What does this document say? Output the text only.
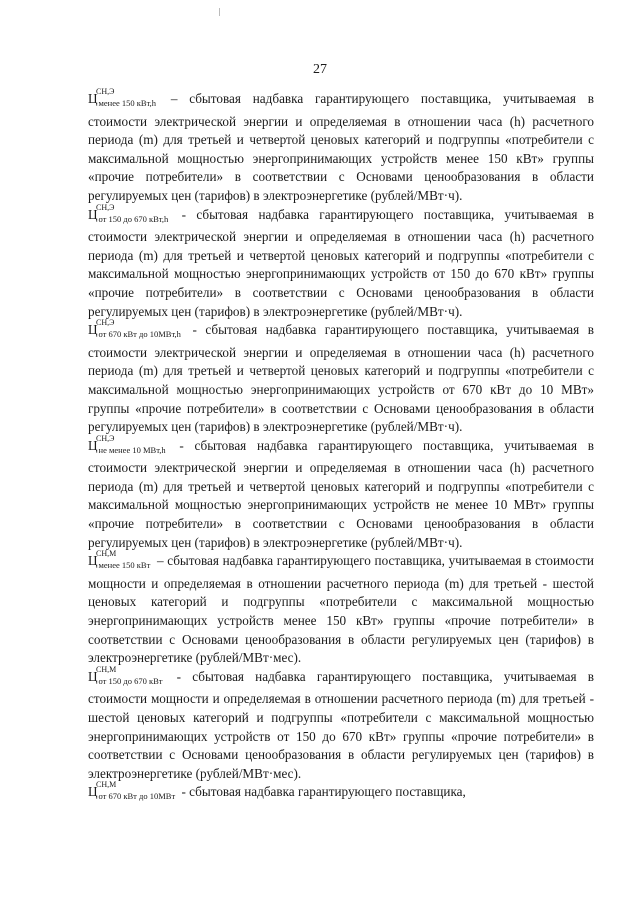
27

Ц
СН,Э
менее 150 кВт,h – сбытовая надбавка гарантирующего поставщика, учитываемая в стоимости электрической энергии и определяемая в отношении часа (h) расчетного периода (m) для третьей и четвертой ценовых категорий и подгруппы «потребители с максимальной мощностью энергопринимающих устройств менее 150 кВт» группы «прочие потребители» в соответствии с Основами ценообразования в области регулируемых цен (тарифов) в электроэнергетике (рублей/МВт·ч).

Ц
СН,Э
от 150 до 670 кВт,h - сбытовая надбавка гарантирующего поставщика, учитываемая в стоимости электрической энергии и определяемая в отношении часа (h) расчетного периода (m) для третьей и четвертой ценовых категорий и подгруппы «потребители с максимальной мощностью энергопринимающих устройств от 150 до 670 кВт» группы «прочие потребители» в соответствии с Основами ценообразования в области регулируемых цен (тарифов) в электроэнергетике (рублей/МВт·ч).

Ц
СН,Э
от 670 кВт до 10МВт,h - сбытовая надбавка гарантирующего поставщика, учитываемая в стоимости электрической энергии и определяемая в отношении часа (h) расчетного периода (m) для третьей и четвертой ценовых категорий и подгруппы «потребители с максимальной мощностью энергопринимающих устройств от 670 кВт до 10 МВт» группы «прочие потребители» в соответствии с Основами ценообразования в области регулируемых цен (тарифов) в электроэнергетике (рублей/МВт·ч).

Ц
СН,Э
не менее 10 МВт,h - сбытовая надбавка гарантирующего поставщика, учитываемая в стоимости электрической энергии и определяемая в отношении часа (h) расчетного периода (m) для третьей и четвертой ценовых категорий и подгруппы «потребители с максимальной мощностью энергопринимающих устройств не менее 10 МВт» группы «прочие потребители» в соответствии с Основами ценообразования в области регулируемых цен (тарифов) в электроэнергетике (рублей/МВт·ч).

Ц
СН,М
менее 150 кВт – сбытовая надбавка гарантирующего поставщика, учитываемая в стоимости мощности и определяемая в отношении расчетного периода (m) для третьей - шестой ценовых категорий и подгруппы «потребители с максимальной мощностью энергопринимающих устройств менее 150 кВт» группы «прочие потребители» в соответствии с Основами ценообразования в области регулируемых цен (тарифов) в электроэнергетике (рублей/МВт·мес).

Ц
СН,М
от 150 до 670 кВт - сбытовая надбавка гарантирующего поставщика, учитываемая в стоимости мощности и определяемая в отношении расчетного периода (m) для третьей - шестой ценовых категорий и подгруппы «потребители с максимальной мощностью энергопринимающих устройств от 150 до 670 кВт» группы «прочие потребители» в соответствии с Основами ценообразования в области регулируемых цен (тарифов) в электроэнергетике (рублей/МВт·мес).

Ц
СН,М
от 670 кВт до 10МВт - сбытовая надбавка гарантирующего поставщика,
